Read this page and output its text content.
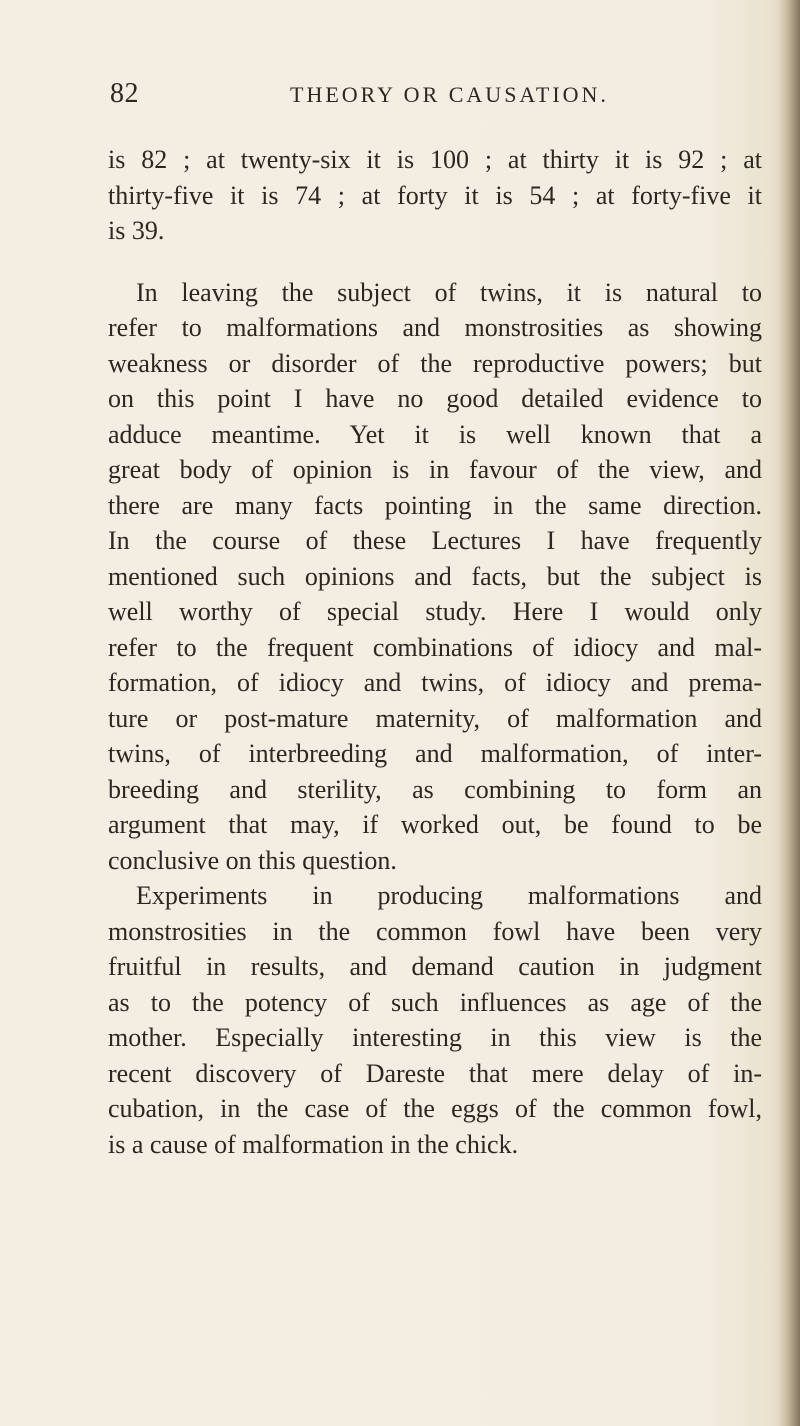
82	THEORY OR CAUSATION.
is 82 ; at twenty-six it is 100 ; at thirty it is 92 ; at
thirty-five it is 74 ; at forty it is 54 ; at forty-five it
is 39.
In leaving the subject of twins, it is natural to
refer to malformations and monstrosities as showing
weakness or disorder of the reproductive powers; but
on this point I have no good detailed evidence to
adduce meantime. Yet it is well known that a
great body of opinion is in favour of the view, and
there are many facts pointing in the same direction.
In the course of these Lectures I have frequently
mentioned such opinions and facts, but the subject is
well worthy of special study. Here I would only
refer to the frequent combinations of idiocy and mal-
formation, of idiocy and twins, of idiocy and prema-
ture or post-mature maternity, of malformation and
twins, of interbreeding and malformation, of inter-
breeding and sterility, as combining to form an
argument that may, if worked out, be found to be
conclusive on this question.
Experiments in producing malformations and
monstrosities in the common fowl have been very
fruitful in results, and demand caution in judgment
as to the potency of such influences as age of the
mother. Especially interesting in this view is the
recent discovery of Dareste that mere delay of in-
cubation, in the case of the eggs of the common fowl,
is a cause of malformation in the chick.
